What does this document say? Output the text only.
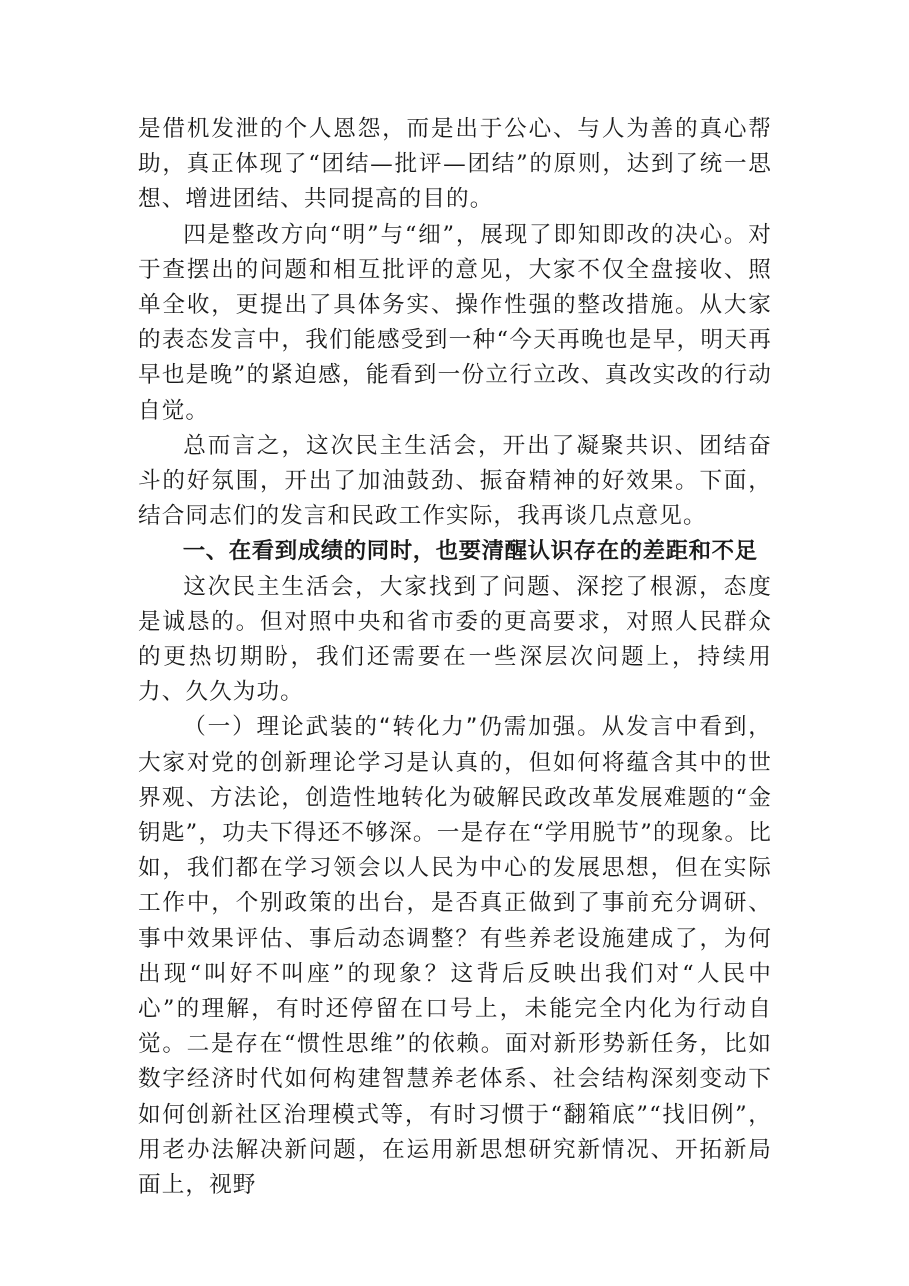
是借机发泄的个人恩怨，而是出于公心、与人为善的真心帮助，真正体现了“团结—批评—团结”的原则，达到了统一思想、增进团结、共同提高的目的。

四是整改方向“明”与“细”，展现了即知即改的决心。对于查摆出的问题和相互批评的意见，大家不仅全盘接收、照单全收，更提出了具体务实、操作性强的整改措施。从大家的表态发言中，我们能感受到一种“今天再晚也是早，明天再早也是晚”的紧迫感，能看到一份立行立改、真改实改的行动自觉。

总而言之，这次民主生活会，开出了凝聚共识、团结奋斗的好氛围，开出了加油鼓劲、振奋精神的好效果。下面，结合同志们的发言和民政工作实际，我再谈几点意见。

一、在看到成绩的同时，也要清醒认识存在的差距和不足

这次民主生活会，大家找到了问题、深挖了根源，态度是诚恳的。但对照中央和省市委的更高要求，对照人民群众的更热切期盼，我们还需要在一些深层次问题上，持续用力、久久为功。

（一）理论武装的“转化力”仍需加强。从发言中看到，大家对党的创新理论学习是认真的，但如何将蕴含其中的世界观、方法论，创造性地转化为破解民政改革发展难题的“金钥匙”，功夫下得还不够深。一是存在“学用脱节”的现象。比如，我们都在学习领会以人民为中心的发展思想，但在实际工作中，个别政策的出台，是否真正做到了事前充分调研、事中效果评估、事后动态调整？有些养老设施建成了，为何出现“叫好不叫座”的现象？这背后反映出我们对“人民中心”的理解，有时还停留在口号上，未能完全内化为行动自觉。二是存在“惯性思维”的依赖。面对新形势新任务，比如数字经济时代如何构建智慧养老体系、社会结构深刻变动下如何创新社区治理模式等，有时习惯于“翻箱底”“找旧例”，用老办法解决新问题，在运用新思想研究新情况、开拓新局面上，视野
